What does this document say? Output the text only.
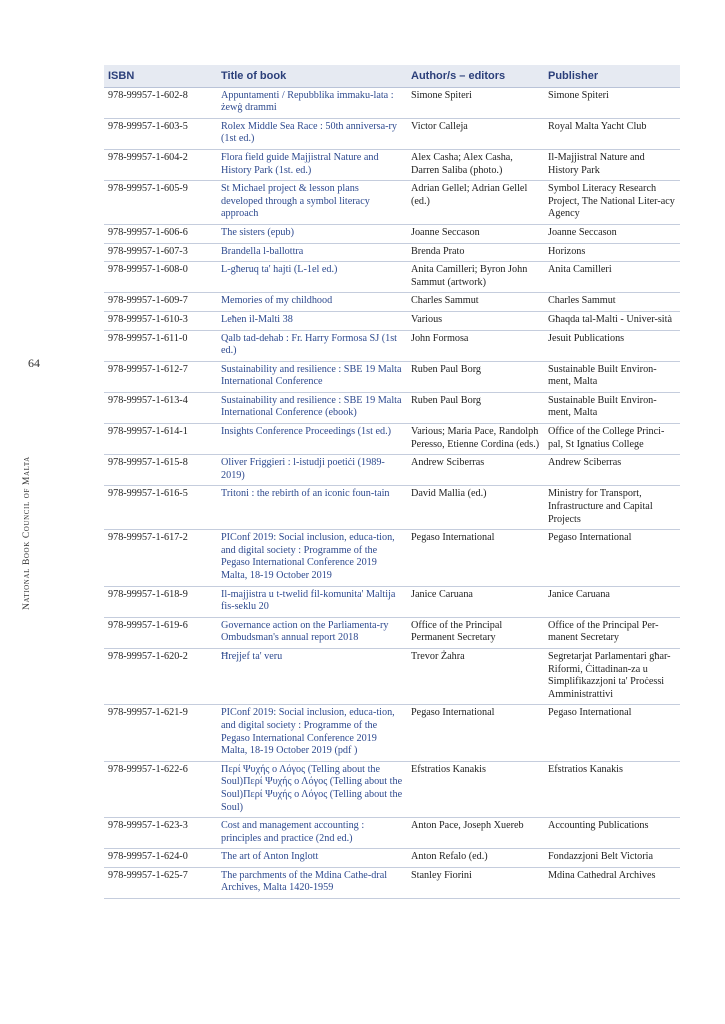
64
National Book Council of Malta
ISBN	Title of book	Author/s – editors	Publisher
978-99957-1-602-8	Appuntamenti / Repubblika immaku-lata : żewġ drammi	Simone Spiteri	Simone Spiteri
978-99957-1-603-5	Rolex Middle Sea Race : 50th anniversa-ry (1st ed.)	Victor Calleja	Royal Malta Yacht Club
978-99957-1-604-2	Flora field guide Majjistral Nature and History Park (1st. ed.)	Alex Casha; Alex Casha, Darren Saliba (photo.)	Il-Majjistral Nature and History Park
978-99957-1-605-9	St Michael project & lesson plans developed through a symbol literacy approach	Adrian Gellel; Adrian Gellel (ed.)	Symbol Literacy Research Project, The National Liter-acy Agency
978-99957-1-606-6	The sisters (epub)	Joanne Seccason	Joanne Seccason
978-99957-1-607-3	Brandella l-ballottra	Brenda Prato	Horizons
978-99957-1-608-0	L-għeruq ta' hajti (L-1el ed.)	Anita Camilleri; Byron John Sammut (artwork)	Anita Camilleri
978-99957-1-609-7	Memories of my childhood	Charles Sammut	Charles Sammut
978-99957-1-610-3	Leħen il-Malti 38	Various	Għaqda tal-Malti - Univer-sità
978-99957-1-611-0	Qalb tad-dehab : Fr. Harry Formosa SJ (1st ed.)	John Formosa	Jesuit Publications
978-99957-1-612-7	Sustainability and resilience : SBE 19 Malta International Conference	Ruben Paul Borg	Sustainable Built Environ-ment, Malta
978-99957-1-613-4	Sustainability and resilience : SBE 19 Malta International Conference (ebook)	Ruben Paul Borg	Sustainable Built Environ-ment, Malta
978-99957-1-614-1	Insights Conference Proceedings (1st ed.)	Various; Maria Pace, Randolph Peresso, Etienne Cordina (eds.)	Office of the College Princi-pal, St Ignatius College
978-99957-1-615-8	Oliver Friggieri : l-istudji poetiċi (1989-2019)	Andrew Sciberras	Andrew Sciberras
978-99957-1-616-5	Tritoni : the rebirth of an iconic foun-tain	David Mallia (ed.)	Ministry for Transport, Infrastructure and Capital Projects
978-99957-1-617-2	PIConf 2019: Social inclusion, educa-tion, and digital society : Programme of the Pegaso International Conference 2019 Malta, 18-19 October 2019	Pegaso International	Pegaso International
978-99957-1-618-9	Il-majjistra u t-twelid fil-komunita' Maltija fis-seklu 20	Janice Caruana	Janice Caruana
978-99957-1-619-6	Governance action on the Parliamenta-ry Ombudsman's annual report 2018	Office of the Principal Permanent Secretary	Office of the Principal Per-manent Secretary
978-99957-1-620-2	Ħrejjef ta' veru	Trevor Żahra	Segretarjat Parlamentari għar-Riformi, Ċittadinan-za u Simplifikazzjoni ta' Proċessi Amministrattivi
978-99957-1-621-9	PIConf 2019: Social inclusion, educa-tion, and digital society : Programme of the Pegaso International Conference 2019 Malta, 18-19 October 2019 (pdf )	Pegaso International	Pegaso International
978-99957-1-622-6	Περί Ψυχής ο Λόγος (Telling about the Soul)Περί Ψυχής ο Λόγος (Telling about the Soul)Περί Ψυχής ο Λόγος (Telling about the Soul)	Efstratios Kanakis	Efstratios Kanakis
978-99957-1-623-3	Cost and management accounting : principles and practice (2nd ed.)	Anton Pace, Joseph Xuereb	Accounting Publications
978-99957-1-624-0	The art of Anton Inglott	Anton Refalo (ed.)	Fondazzjoni Belt Victoria
978-99957-1-625-7	The parchments of the Mdina Cathe-dral Archives, Malta 1420-1959	Stanley Fiorini	Mdina Cathedral Archives
